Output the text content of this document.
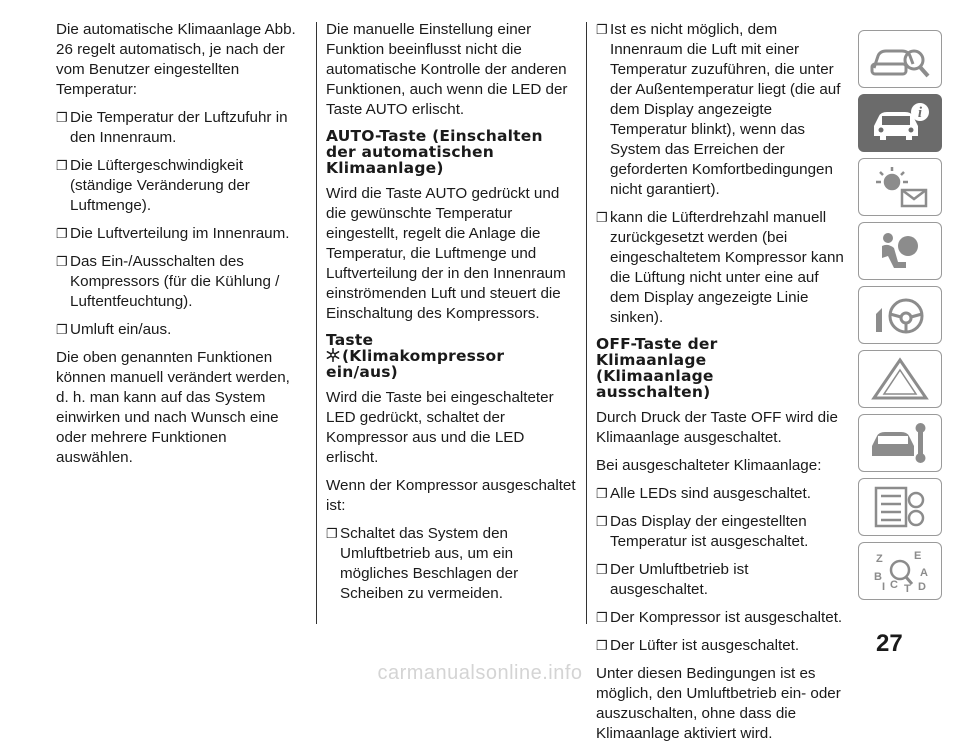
Die automatische Klimaanlage Abb. 26 regelt automatisch, je nach der vom Benutzer eingestellten Temperatur:

❐ Die Temperatur der Luftzufuhr in den Innenraum.
❐ Die Lüftergeschwindigkeit (ständige Veränderung der Luftmenge).
❐ Die Luftverteilung im Innenraum.
❐ Das Ein-/Ausschalten des Kompressors (für die Kühlung / Luftentfeuchtung).
❐ Umluft ein/aus.

Die oben genannten Funktionen können manuell verändert werden, d. h. man kann auf das System einwirken und nach Wunsch eine oder mehrere Funktionen auswählen.

Die manuelle Einstellung einer Funktion beeinflusst nicht die automatische Kontrolle der anderen Funktionen, auch wenn die LED der Taste AUTO erlischt.

AUTO-Taste (Einschalten der automatischen Klimaanlage)

Wird die Taste AUTO gedrückt und die gewünschte Temperatur eingestellt, regelt die Anlage die Temperatur, die Luftmenge und Luftverteilung der in den Innenraum einströmenden Luft und steuert die Einschaltung des Kompressors.

Taste
(Klimakompressor ein/aus)

Wird die Taste bei eingeschalteter LED gedrückt, schaltet der Kompressor aus und die LED erlischt.

Wenn der Kompressor ausgeschaltet ist:

❐ Schaltet das System den Umluftbetrieb aus, um ein mögliches Beschlagen der Scheiben zu vermeiden.
❐ Ist es nicht möglich, dem Innenraum die Luft mit einer Temperatur zuzuführen, die unter der Außentemperatur liegt (die auf dem Display angezeigte Temperatur blinkt), wenn das System das Erreichen der geforderten Komfortbedingungen nicht garantiert).
❐ kann die Lüfterdrehzahl manuell zurückgesetzt werden (bei eingeschaltetem Kompressor kann die Lüftung nicht unter eine auf dem Display angezeigte Linie sinken).
OFF-Taste der Klimaanlage (Klimaanlage ausschalten)

Durch Druck der Taste OFF wird die Klimaanlage ausgeschaltet.

Bei ausgeschalteter Klimaanlage:

❐ Alle LEDs sind ausgeschaltet.
❐ Das Display der eingestellten Temperatur ist ausgeschaltet.
❐ Der Umluftbetrieb ist ausgeschaltet.
❐ Der Kompressor ist ausgeschaltet.
❐ Der Lüfter ist ausgeschaltet.

Unter diesen Bedingungen ist es möglich, den Umluftbetrieb ein- oder auszuschalten, ohne dass die Klimaanlage aktiviert wird.

i
Z	E
B	A
D
I C T
27
carmanualsonline.info
